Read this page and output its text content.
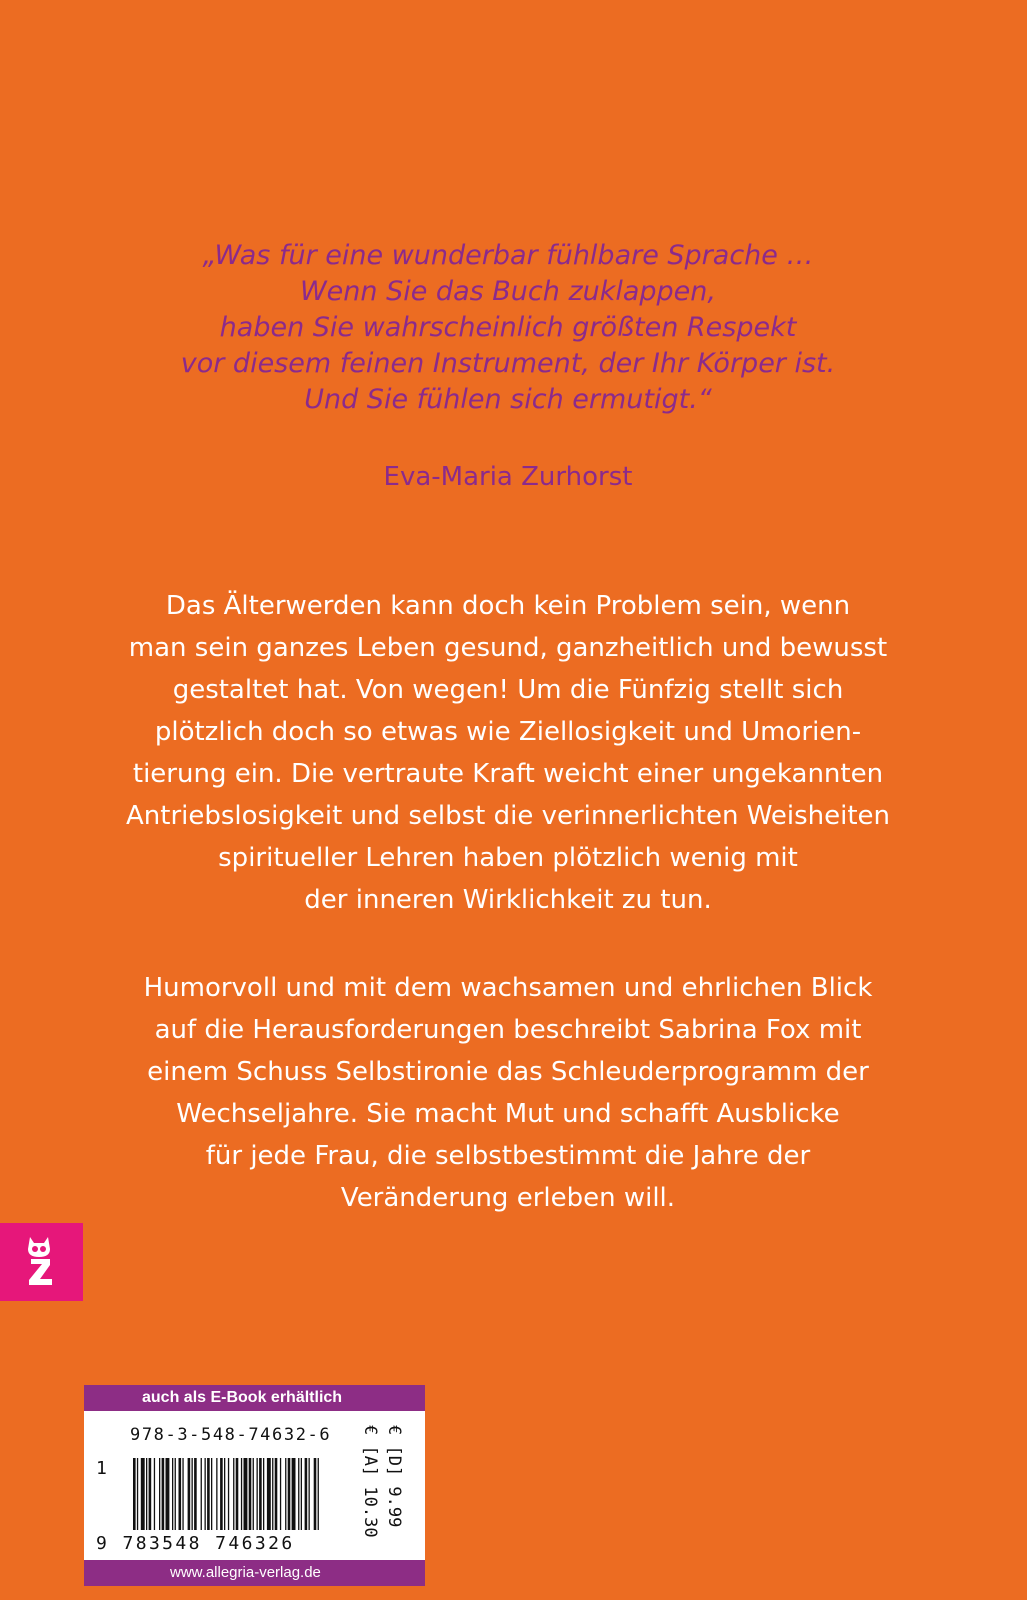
„Was für eine wunderbar fühlbare Sprache …
Wenn Sie das Buch zuklappen,
haben Sie wahrscheinlich größten Respekt
vor diesem feinen Instrument, der Ihr Körper ist.
Und Sie fühlen sich ermutigt.“
Eva-Maria Zurhorst
Das Älterwerden kann doch kein Problem sein, wenn
man sein ganzes Leben gesund, ganzheitlich und bewusst
gestaltet hat. Von wegen! Um die Fünfzig stellt sich
plötzlich doch so etwas wie Ziellosigkeit und Umorien-
tierung ein. Die vertraute Kraft weicht einer ungekannten
Antriebslosigkeit und selbst die verinnerlichten Weisheiten
spiritueller Lehren haben plötzlich wenig mit
der inneren Wirklichkeit zu tun.
Humorvoll und mit dem wachsamen und ehrlichen Blick
auf die Herausforderungen beschreibt Sabrina Fox mit
einem Schuss Selbstironie das Schleuderprogramm der
Wechseljahre. Sie macht Mut und schafft Ausblicke
für jede Frau, die selbstbestimmt die Jahre der
Veränderung erleben will.
auch als E-Book erhältlich
978-3-548-74632-6
1
9 783548 746326
€ [D] 9.99
€ [A] 10.30
www.allegria-verlag.de
